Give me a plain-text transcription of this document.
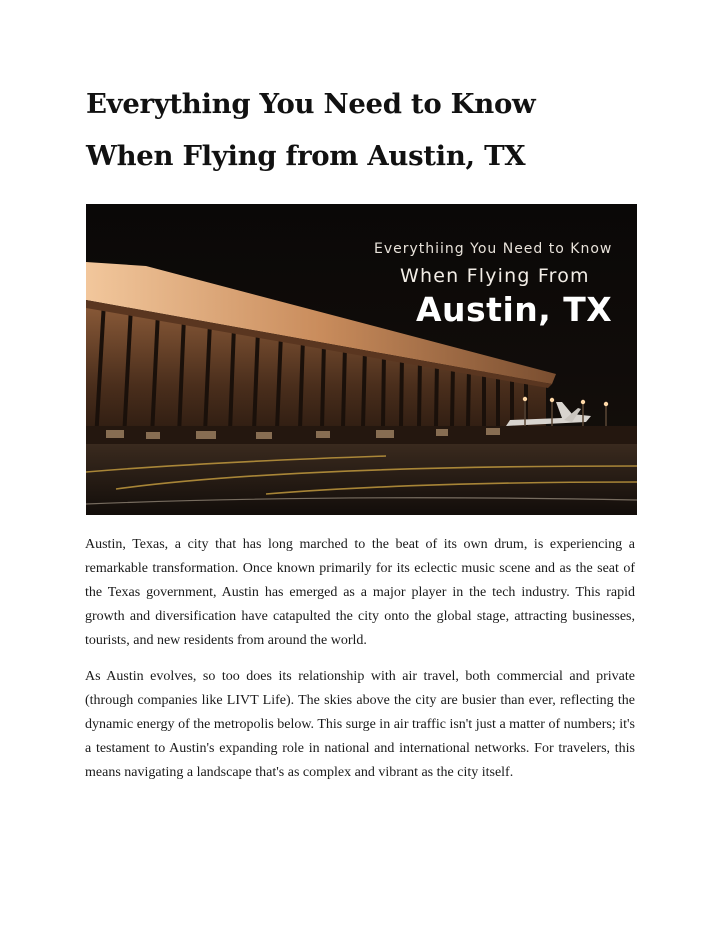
Everything You Need to Know
When Flying from Austin, TX
Everythiing You Need to Know
When Flying From
Austin, TX

Austin, Texas, a city that has long marched to the beat of its own drum, is experiencing a remarkable transformation. Once known primarily for its eclectic music scene and as the seat of the Texas government, Austin has emerged as a major player in the tech industry. This rapid growth and diversification have catapulted the city onto the global stage, attracting businesses, tourists, and new residents from around the world.

As Austin evolves, so too does its relationship with air travel, both commercial and private (through companies like LIVT Life). The skies above the city are busier than ever, reflecting the dynamic energy of the metropolis below. This surge in air traffic isn't just a matter of numbers; it's a testament to Austin's expanding role in national and international networks. For travelers, this means navigating a landscape that's as complex and vibrant as the city itself.
